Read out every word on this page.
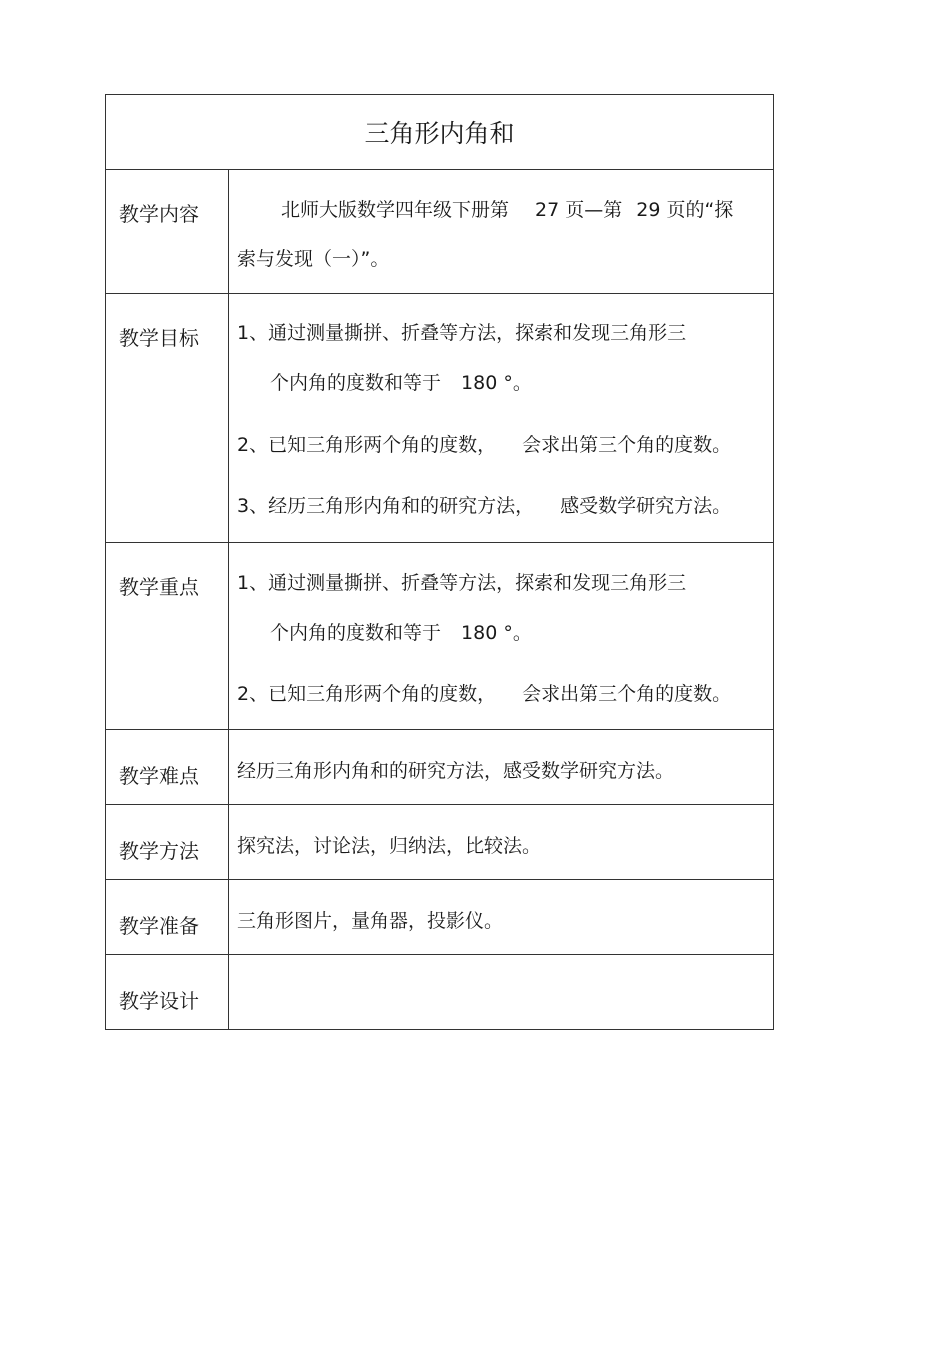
三角形内角和	
教学内容	北师大版数学四年级下册第 27 页—第 29 页的“探
索与发现（一）”。

教学目标	1、通过测量撕拼、折叠等方法，探索和发现三角形三
个内角的度数和等于 180 °。
2、已知三角形两个角的度数， 会求出第三个角的度数。
3、经历三角形内角和的研究方法， 感受数学研究方法。

教学重点	1、通过测量撕拼、折叠等方法，探索和发现三角形三
个内角的度数和等于 180 °。
2、已知三角形两个角的度数， 会求出第三个角的度数。

教学难点	经历三角形内角和的研究方法，感受数学研究方法。

教学方法	探究法，讨论法，归纳法，比较法。

教学准备	三角形图片，量角器，投影仪。

教学设计	
